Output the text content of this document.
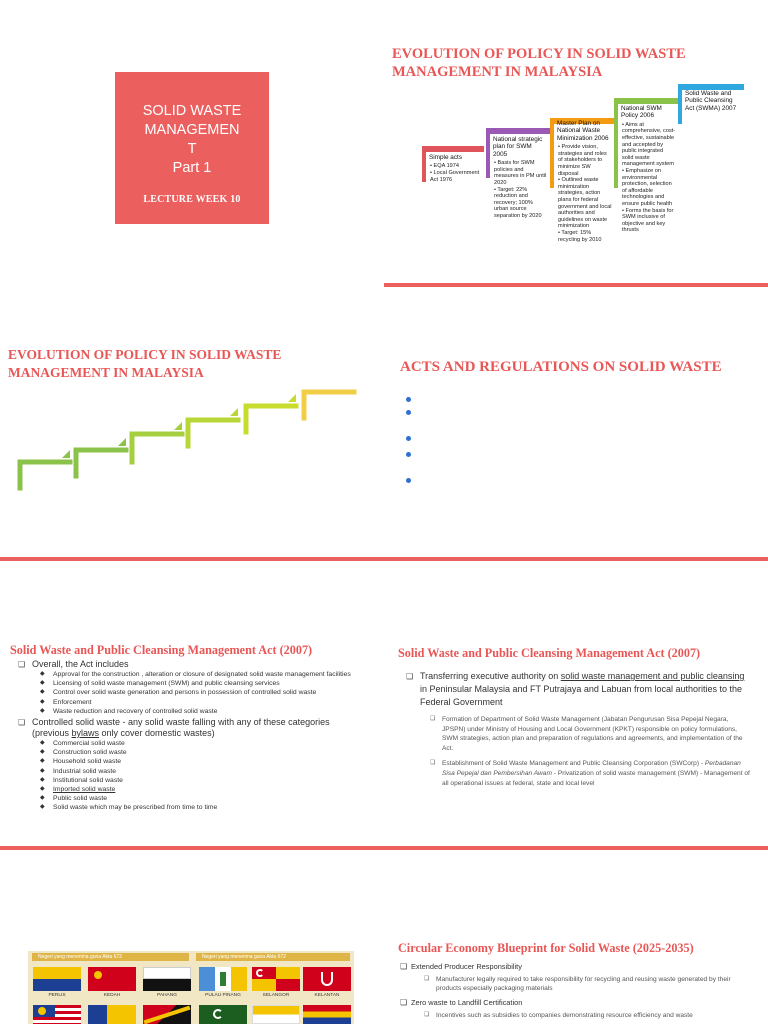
SOLID WASTE
MANAGEMEN
T
Part 1
LECTURE WEEK 10
EVOLUTION OF POLICY IN SOLID WASTE MANAGEMENT IN MALAYSIA
Simple acts
• EQA 1974
• Local Government Act 1976
National strategic plan for SWM 2005
• Basis for SWM policies and measures in PM until 2020
• Target: 22% reduction and recovery; 100% urban source separation by 2020
Master Plan on National Waste Minimization 2006
• Provide vision, strategies and roles of stakeholders to minimize SW disposal
• Outlined waste minimization strategies, action plans for federal government and local authorities and guidelines on waste minimization
• Target: 15% recycling by 2010
National SWM Policy 2006
• Aims at comprehensive, cost-effective, sustainable and accepted by public integrated solid waste management system
• Emphasize on environmental protection, selection of affordable technologies and ensure public health
• Forms the basis for SWM inclusive of objective and key thrusts
Solid Waste and Public Cleansing Act (SWMA) 2007
EVOLUTION OF POLICY IN SOLID WASTE MANAGEMENT IN MALAYSIA	ACTS AND REGULATIONS ON SOLID WASTE
Solid Waste and Public Cleansing Management Act (2007)
❏ Overall, the Act includes
◆ Approval for the construction , alteration or closure of designated solid waste management facilities
◆ Licensing of solid waste management (SWM) and public cleansing services
◆ Control over solid waste generation and persons in possession of controlled solid waste
◆ Enforcement
◆ Waste reduction and recovery of controlled solid waste
❏ Controlled solid waste - any solid waste falling with any of these categories (previous bylaws only cover domestic wastes)
◆ Commercial solid waste
◆ Construction solid waste
◆ Household solid waste
◆ Industrial solid waste
◆ Institutional solid waste
◆ Imported solid waste
◆ Public solid waste
◆ Solid waste which may be prescribed from time to time
Solid Waste and Public Cleansing Management Act (2007)
❏ Transferring executive authority on solid waste management and public cleansing in Peninsular Malaysia and FT Putrajaya and Labuan from local authorities to the Federal Government
❏ Formation of Department of Solid Waste Management (Jabatan Pengurusan Sisa Pepejal Negara, JPSPN) under Ministry of Housing and Local Government (KPKT) responsible on policy formulations, SWM strategies, action plan and preparation of regulations and agreements, and implementation of the Act.
❏ Establishment of Solid Waste Management and Public Cleansing Corporation (SWCorp) - Perbadanan Sisa Pepejal dan Pembersihan Awam - Privatization of solid waste management (SWM) - Management of all operational issues at federal, state and local level
Negeri yang menerima guna Akta 672	Negeri yang menerima guna Akta 672
PERLIS	KEDAH	PAHANG	PULAU PINANG	SELANGOR	KELANTAN
Circular Economy Blueprint for Solid Waste (2025-2035)
❏ Extended Producer Responsibility
❏ Manufacturer legally required to take responsibility for recycling and reusing waste generated by their products especially packaging materials
❏ Zero waste to Landfill Certification
❏ Incentives such as subsidies to companies demonstrating resource efficiency and waste
